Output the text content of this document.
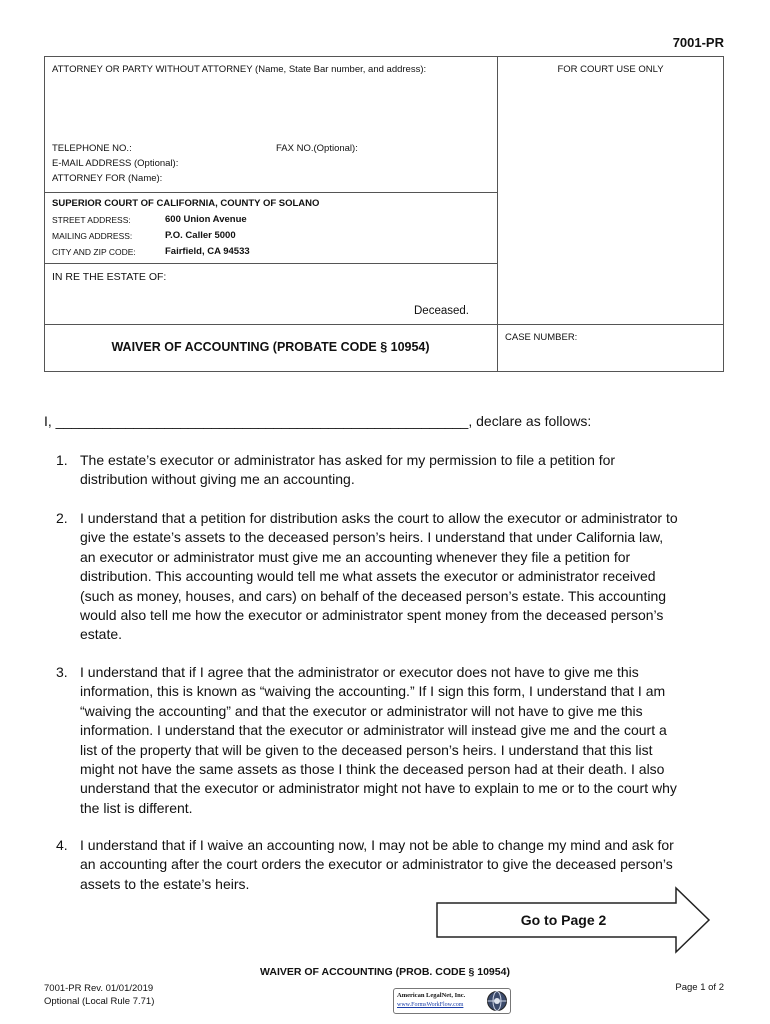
7001-PR
ATTORNEY OR PARTY WITHOUT ATTORNEY (Name, State Bar number, and address):	FOR COURT USE ONLY
TELEPHONE NO.:	FAX NO.(Optional):
E-MAIL ADDRESS (Optional):
ATTORNEY FOR (Name):
SUPERIOR COURT OF CALIFORNIA, COUNTY OF SOLANO
STREET ADDRESS:	600 Union Avenue
MAILING ADDRESS:	P.O. Caller 5000
CITY AND ZIP CODE:	Fairfield, CA 94533
IN RE THE ESTATE OF:
Deceased.
CASE NUMBER:
WAIVER OF ACCOUNTING (PROBATE CODE § 10954)
I, _____________________________________________________, declare as follows:
1. The estate’s executor or administrator has asked for my permission to file a petition for
distribution without giving me an accounting.
2. I understand that a petition for distribution asks the court to allow the executor or administrator to
give the estate’s assets to the deceased person’s heirs. I understand that under California law,
an executor or administrator must give me an accounting whenever they file a petition for
distribution. This accounting would tell me what assets the executor or administrator received
(such as money, houses, and cars) on behalf of the deceased person’s estate. This accounting
would also tell me how the executor or administrator spent money from the deceased person’s
estate.
3. I understand that if I agree that the administrator or executor does not have to give me this
information, this is known as “waiving the accounting.” If I sign this form, I understand that I am
“waiving the accounting” and that the executor or administrator will not have to give me this
information. I understand that the executor or administrator will instead give me and the court a
list of the property that will be given to the deceased person’s heirs. I understand that this list
might not have the same assets as those I think the deceased person had at their death. I also
understand that the executor or administrator might not have to explain to me or to the court why
the list is different.
4. I understand that if I waive an accounting now, I may not be able to change my mind and ask for
an accounting after the court orders the executor or administrator to give the deceased person’s
assets to the estate’s heirs.
Go to Page 2
WAIVER OF ACCOUNTING (PROB. CODE § 10954)
7001-PR Rev. 01/01/2019
Optional (Local Rule 7.71)
Page 1 of 2
American LegalNet, Inc.
www.FormsWorkFlow.com
